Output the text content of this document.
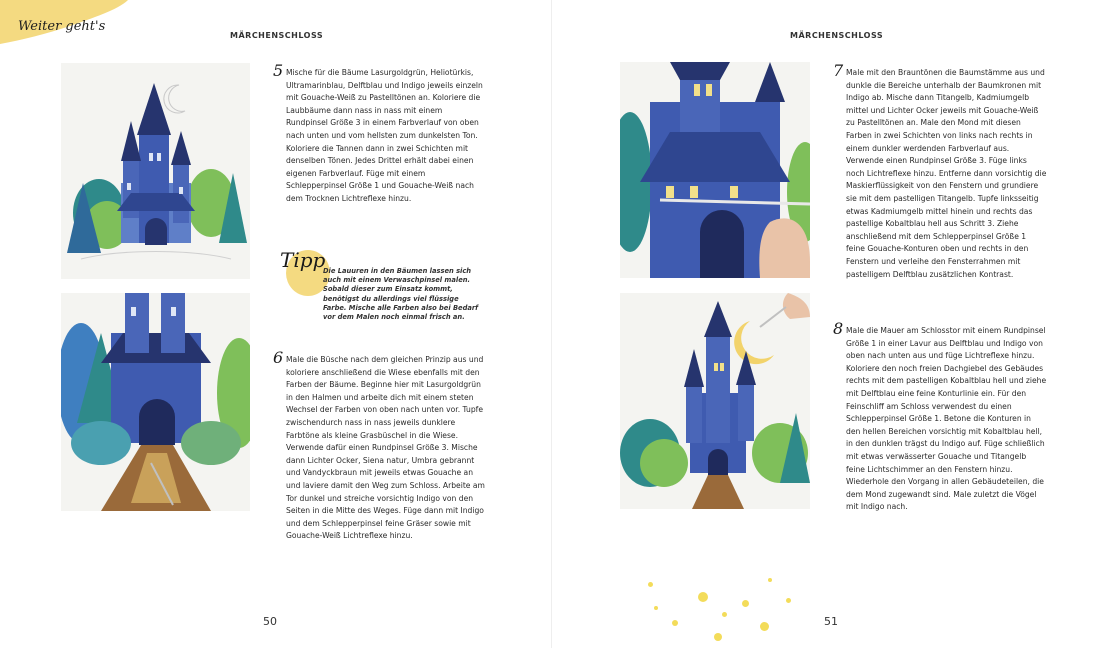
Weiter geht's
MÄRCHENSCHLOSS
5 Mische für die Bäume Lasurgoldgrün, Heliotürkis, Ultramarinblau, Delftblau und Indigo jeweils einzeln mit Gouache-Weiß zu Pastelltönen an. Koloriere die Laubbäume dann nass in nass mit einem Rundpinsel Größe 3 in einem Farbverlauf von oben nach unten und vom hellsten zum dunkelsten Ton. Koloriere die Tannen dann in zwei Schichten mit denselben Tönen. Jedes Drittel erhält dabei einen eigenen Farbverlauf. Füge mit einem Schlepperpinsel Größe 1 und Gouache-Weiß nach dem Trocknen Lichtreflexe hinzu.
Tipp
Die Lauuren in den Bäumen lassen sich auch mit einem Verwaschpinsel malen. Sobald dieser zum Einsatz kommt, benötigst du allerdings viel flüssige Farbe. Mische alle Farben also bei Bedarf vor dem Malen noch einmal frisch an.
6 Male die Büsche nach dem gleichen Prinzip aus und koloriere anschließend die Wiese ebenfalls mit den Farben der Bäume. Beginne hier mit Lasurgoldgrün in den Halmen und arbeite dich mit einem steten Wechsel der Farben von oben nach unten vor. Tupfe zwischendurch nass in nass jeweils dunklere Farbtöne als kleine Grasbüschel in die Wiese. Verwende dafür einen Rundpinsel Größe 3. Mische dann Lichter Ocker, Siena natur, Umbra gebrannt und Vandyckbraun mit jeweils etwas Gouache an und laviere damit den Weg zum Schloss. Arbeite am Tor dunkel und streiche vorsichtig Indigo von den Seiten in die Mitte des Weges. Füge dann mit Indigo und dem Schlepperpinsel feine Gräser sowie mit Gouache-Weiß Lichtreflexe hinzu.
50
MÄRCHENSCHLOSS
7 Male mit den Brauntönen die Baumstämme aus und dunkle die Bereiche unterhalb der Baumkronen mit Indigo ab. Mische dann Titangelb, Kadmiumgelb mittel und Lichter Ocker jeweils mit Gouache-Weiß zu Pastelltönen an. Male den Mond mit diesen Farben in zwei Schichten von links nach rechts in einem dunkler werdenden Farbverlauf aus. Verwende einen Rundpinsel Größe 3. Füge links noch Lichtreflexe hinzu. Entferne dann vorsichtig die Maskierflüssigkeit von den Fenstern und grundiere sie mit dem pastelligen Titangelb. Tupfe linksseitig etwas Kadmiumgelb mittel hinein und rechts das pastellige Kobaltblau hell aus Schritt 3. Ziehe anschließend mit dem Schlepperpinsel Größe 1 feine Gouache-Konturen oben und rechts in den Fenstern und verleihe den Fensterrahmen mit pastelligem Delftblau zusätzlichen Kontrast.
8 Male die Mauer am Schlosstor mit einem Rundpinsel Größe 1 in einer Lavur aus Delftblau und Indigo von oben nach unten aus und füge Lichtreflexe hinzu. Koloriere den noch freien Dachgiebel des Gebäudes rechts mit dem pastelligen Kobaltblau hell und ziehe mit Delftblau eine feine Konturlinie ein. Für den Feinschliff am Schloss verwendest du einen Schlepperpinsel Größe 1. Betone die Konturen in den hellen Bereichen vorsichtig mit Kobaltblau hell, in den dunklen trägst du Indigo auf. Füge schließlich mit etwas verwässerter Gouache und Titangelb feine Lichtschimmer an den Fenstern hinzu. Wiederhole den Vorgang in allen Gebäudeteilen, die dem Mond zugewandt sind. Male zuletzt die Vögel mit Indigo nach.
51
